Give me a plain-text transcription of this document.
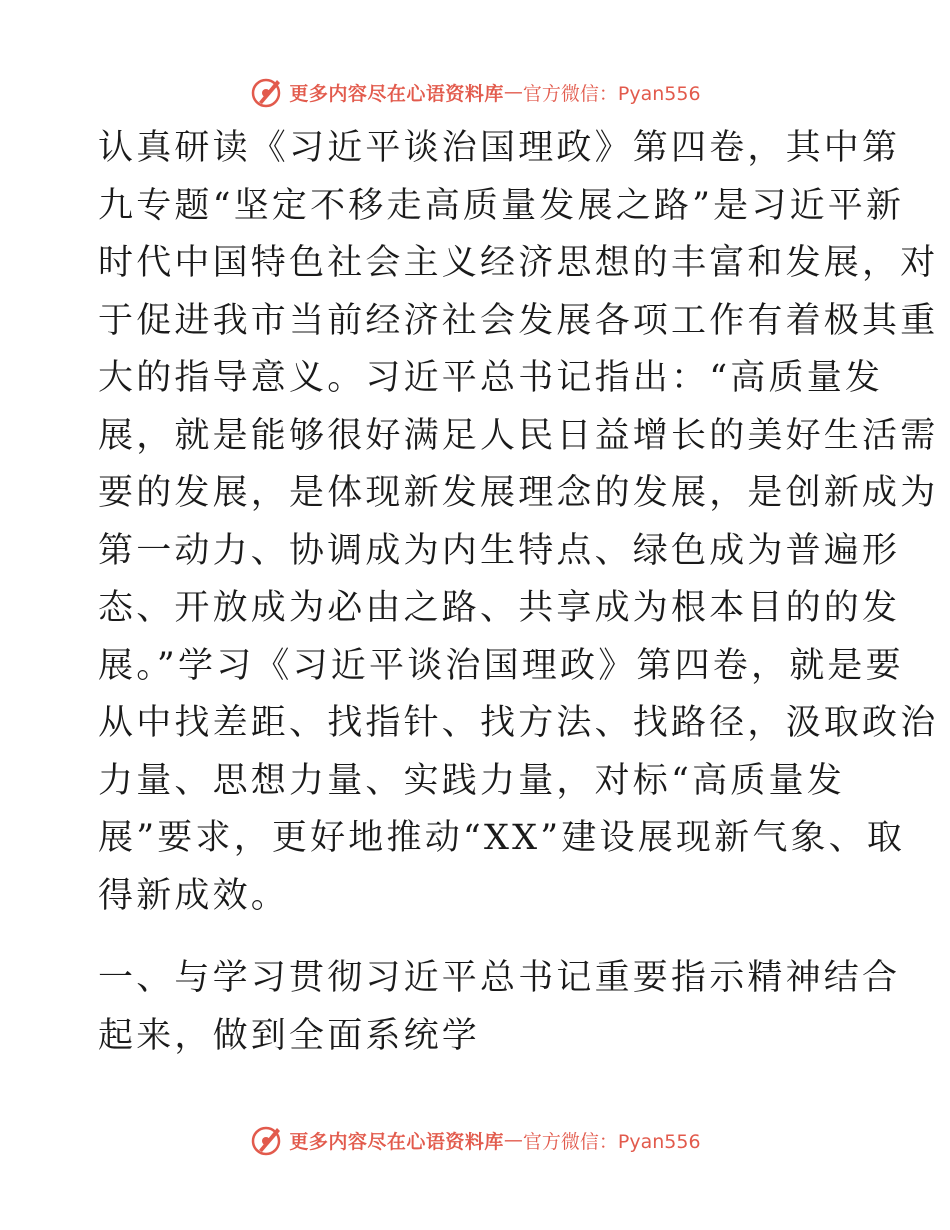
更多内容尽在心语资料库 — 官方微信：Pyan556
认真研读《习近平谈治国理政》第四卷，其中第
九专题“坚定不移走高质量发展之路”是习近平新
时代中国特色社会主义经济思想的丰富和发展，对
于促进我市当前经济社会发展各项工作有着极其重
大的指导意义。习近平总书记指出：“高质量发
展，就是能够很好满足人民日益增长的美好生活需
要的发展，是体现新发展理念的发展，是创新成为
第一动力、协调成为内生特点、绿色成为普遍形
态、开放成为必由之路、共享成为根本目的的发
展。”学习《习近平谈治国理政》第四卷，就是要
从中找差距、找指针、找方法、找路径，汲取政治
力量、思想力量、实践力量，对标“高质量发
展”要求，更好地推动“XX”建设展现新气象、取
得新成效。
一、与学习贯彻习近平总书记重要指示精神结合
起来，做到全面系统学
更多内容尽在心语资料库 — 官方微信：Pyan556
